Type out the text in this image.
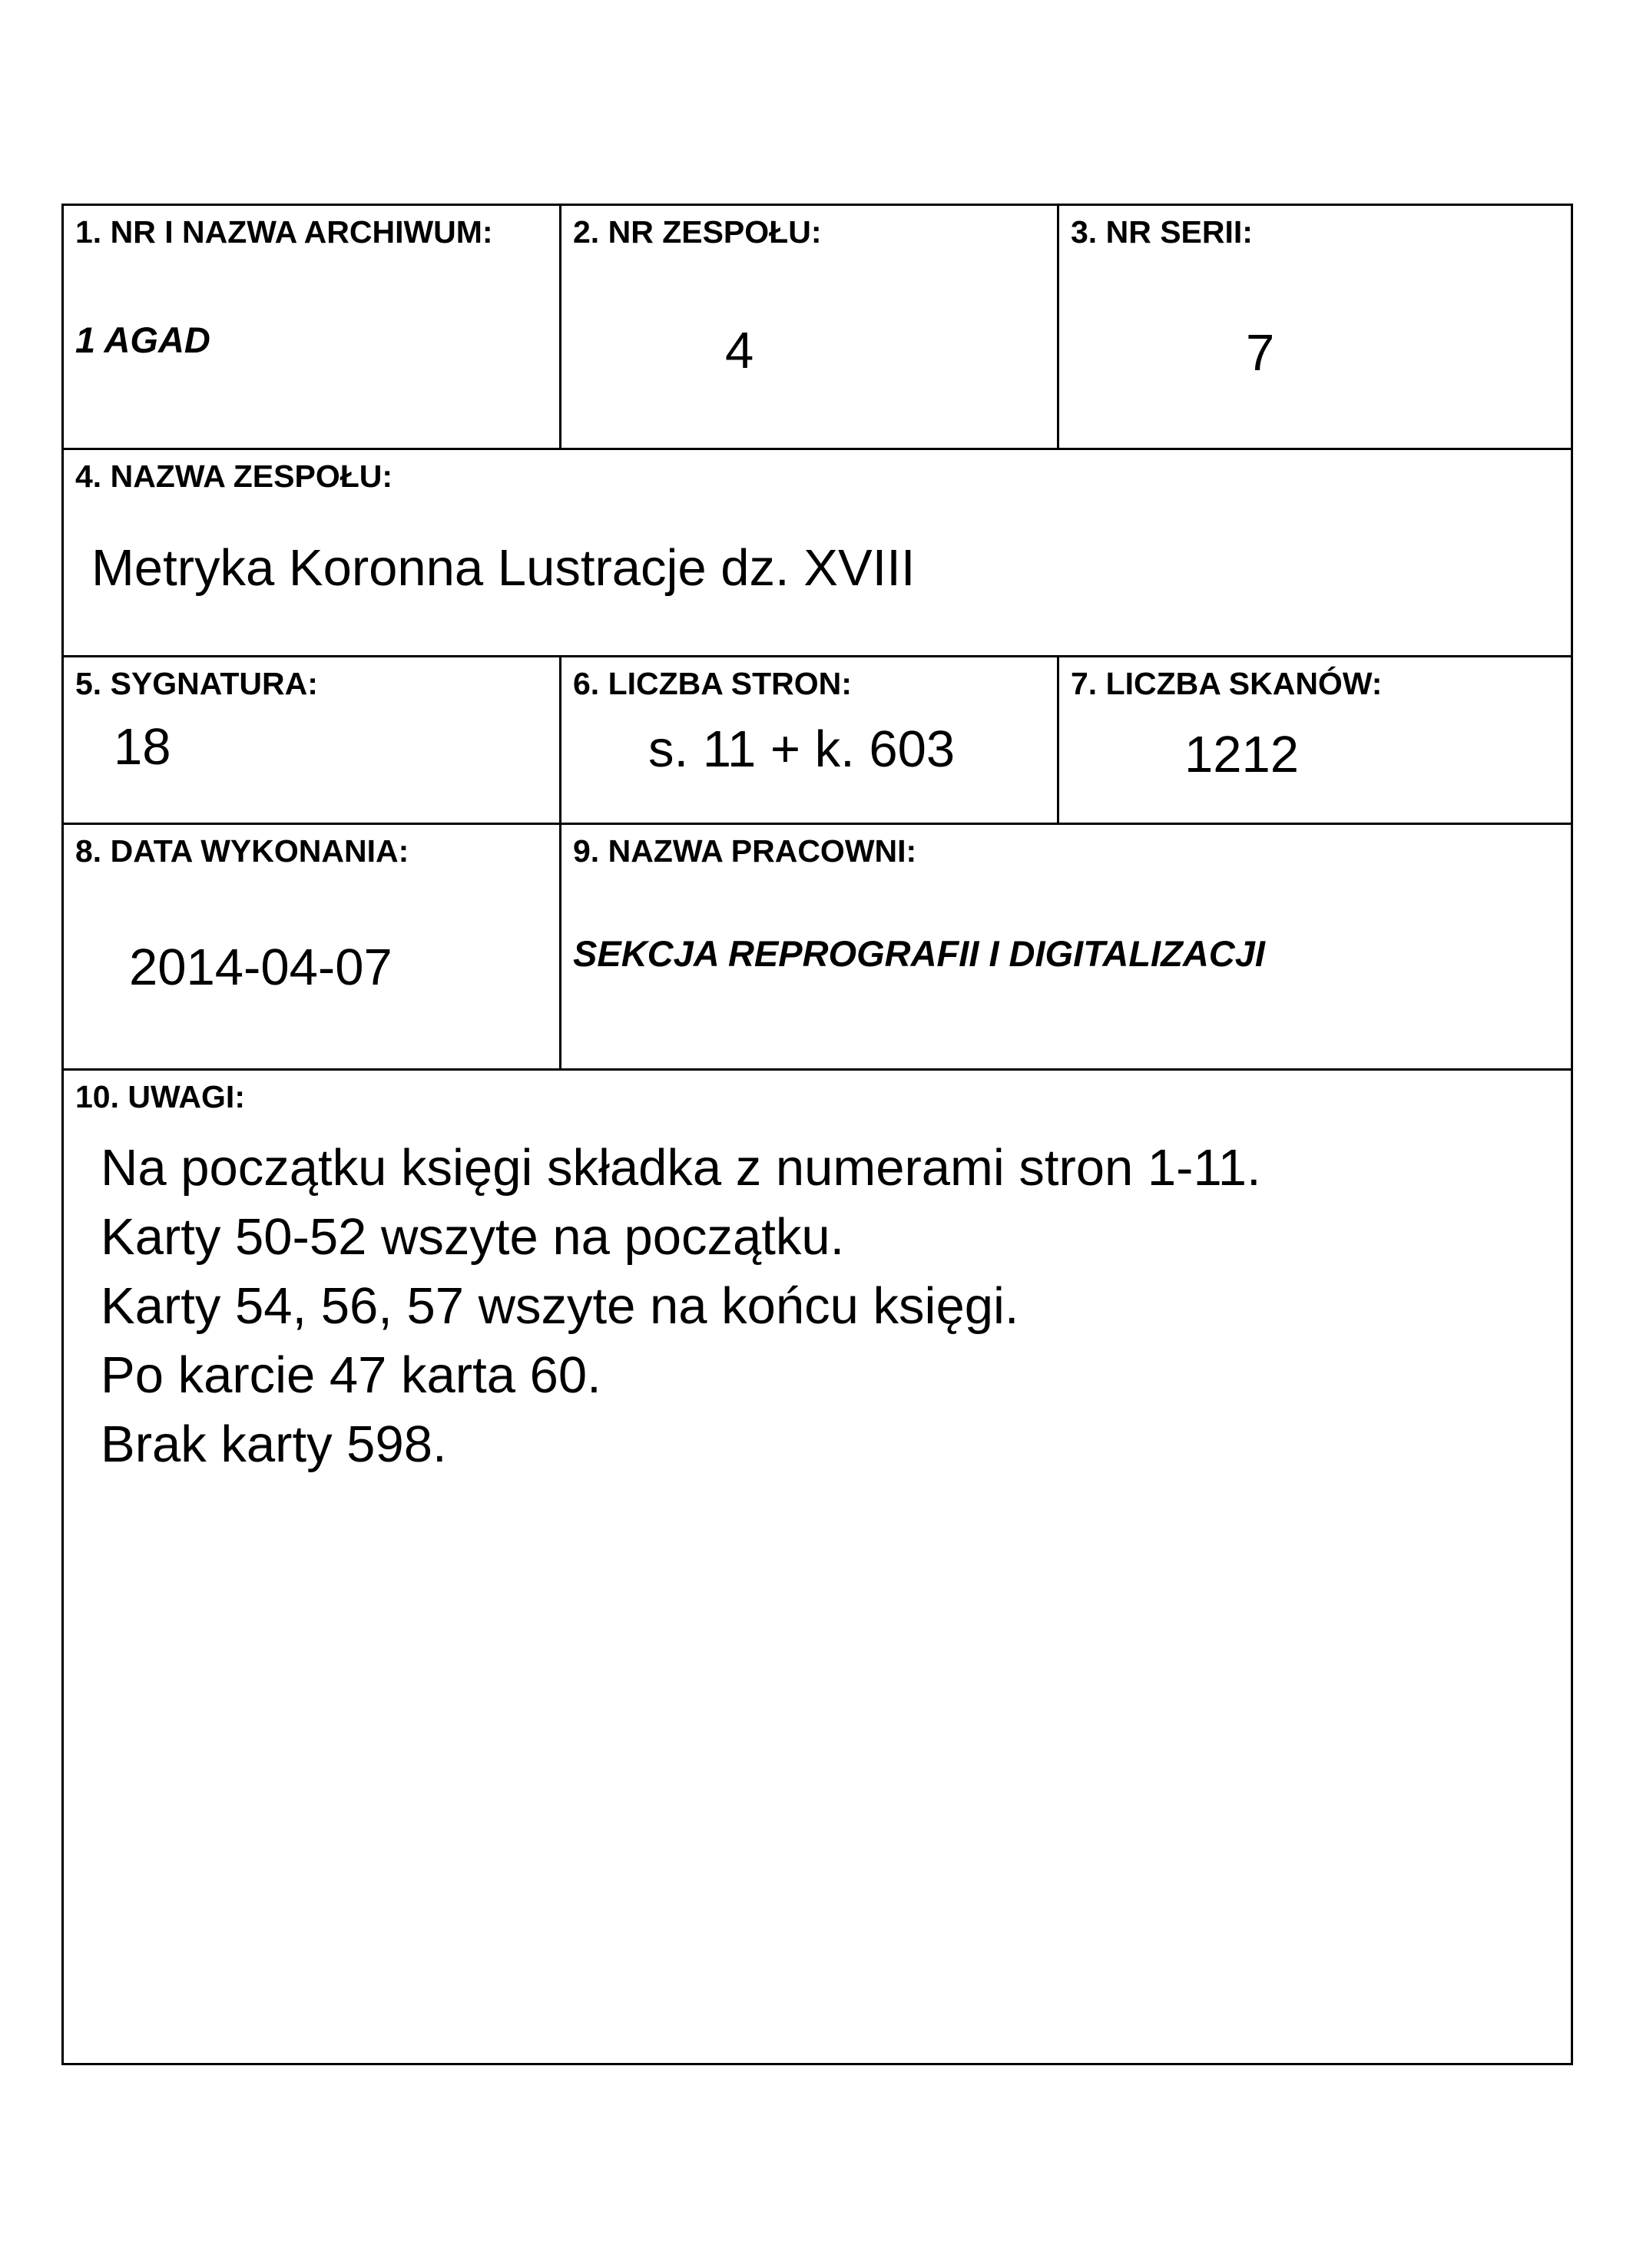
1. NR I NAZWA ARCHIWUM:
1 AGAD
2. NR ZESPOŁU:
4
3. NR SERII:
7
4. NAZWA ZESPOŁU:
Metryka Koronna Lustracje dz. XVIII
5. SYGNATURA:
18
6. LICZBA STRON:
s. 11 + k. 603
7. LICZBA SKANÓW:
1212
8. DATA WYKONANIA:
2014-04-07
9. NAZWA PRACOWNI:
SEKCJA REPROGRAFII I DIGITALIZACJI
10. UWAGI:
Na początku księgi składka z numerami stron 1-11.
Karty 50-52 wszyte na początku.
Karty 54, 56, 57 wszyte na końcu księgi.
Po karcie 47 karta 60.
Brak karty 598.
